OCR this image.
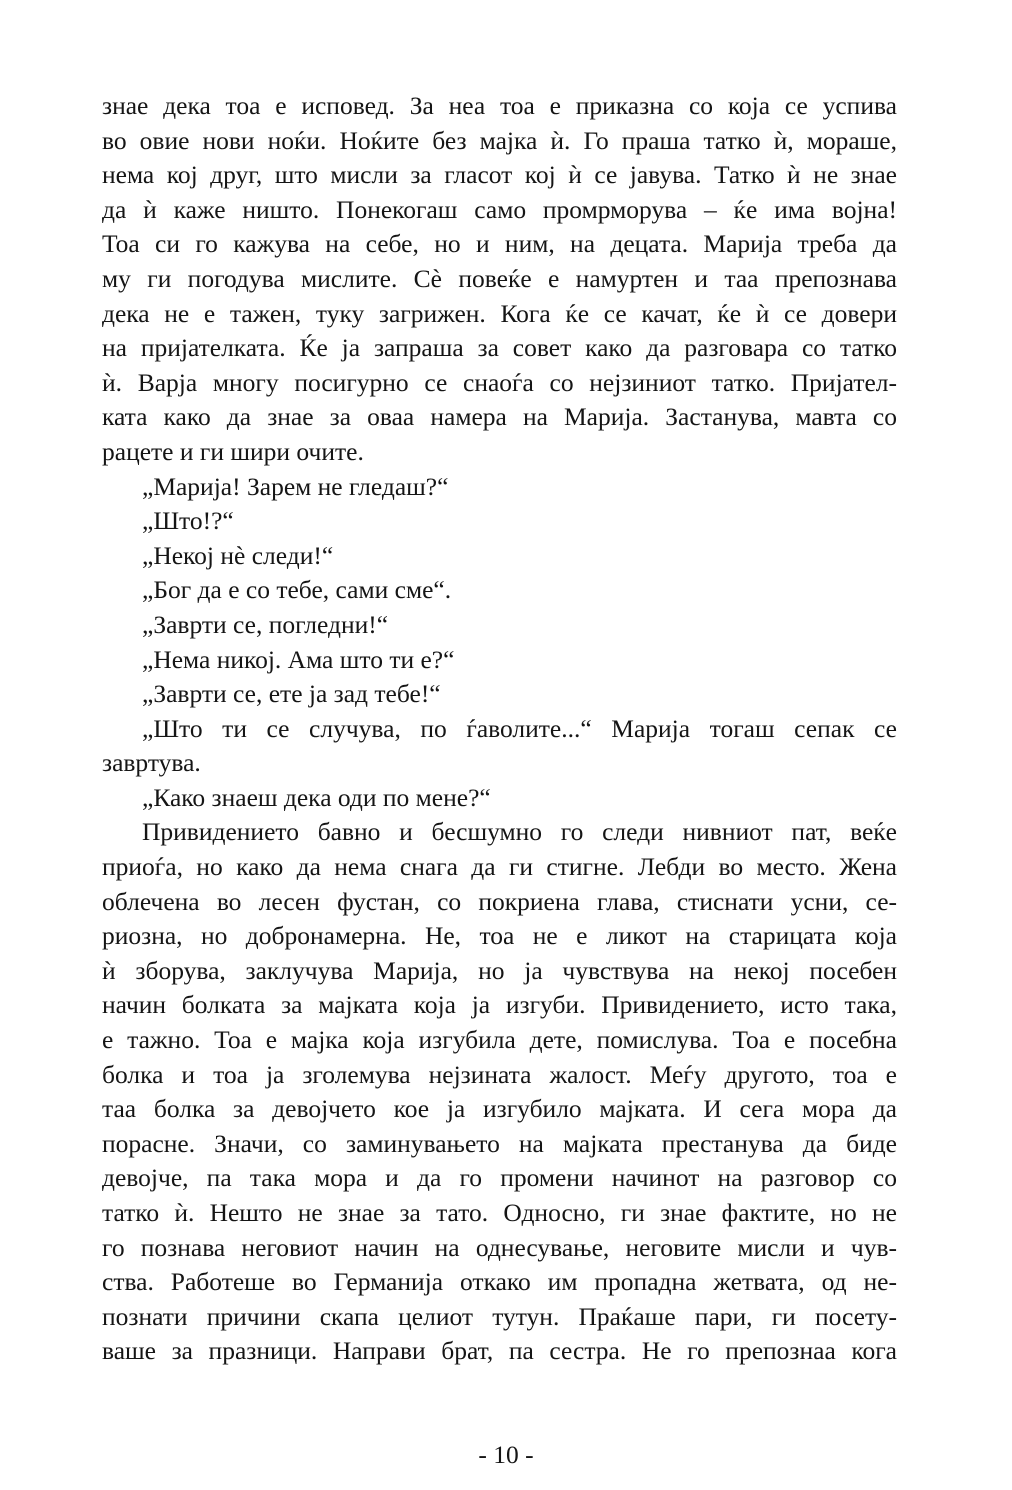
знае дека тоа е исповед. За неа тоа е приказна со која се успива
во овие нови ноќи. Ноќите без мајка ѝ. Го праша татко ѝ, мораше,
нема кој друг, што мисли за гласот кој ѝ се јавува. Татко ѝ не знае
да ѝ каже ништо. Понекогаш само промрморува – ќе има војна!
Тоа си го кажува на себе, но и ним, на децата. Марија треба да
му ги погодува мислите. Сè повеќе е намуртен и таа препознава
дека не е тажен, туку загрижен. Кога ќе се качат, ќе ѝ се довери
на пријателката. Ќе ја запраша за совет како да разговара со татко
ѝ. Варја многу посигурно се снаоѓа со нејзиниот татко. Пријател-
ката како да знае за оваа намера на Марија. Застанува, мавта со
рацете и ги шири очите.
„Марија! Зарем не гледаш?“
„Што!?“
„Некој нè следи!“
„Бог да е со тебе, сами сме“.
„Заврти се, погледни!“
„Нема никој. Ама што ти е?“
„Заврти се, ете ја зад тебе!“
„Што ти се случува, по ѓаволите...“ Марија тогаш сепак се
завртува.
„Како знаеш дека оди по мене?“
Привидението бавно и бесшумно го следи нивниот пат, веќе
приоѓа, но како да нема снага да ги стигне. Лебди во место. Жена
облечена во лесен фустан, со покриена глава, стиснати усни, се-
риозна, но добронамерна. Не, тоа не е ликот на старицата која
ѝ зборува, заклучува Марија, но ја чувствува на некој посебен
начин болката за мајката која ја изгуби. Привидението, исто така,
е тажно. Тоа е мајка која изгубила дете, помислува. Тоа е посебна
болка и тоа ја зголемува нејзината жалост. Меѓу другото, тоа е
таа болка за девојчето кое ја изгубило мајката. И сега мора да
порасне. Значи, со заминувањето на мајката престанува да биде
девојче, па така мора и да го промени начинот на разговор со
татко ѝ. Нешто не знае за тато. Односно, ги знае фактите, но не
го познава неговиот начин на однесување, неговите мисли и чув-
ства. Работеше во Германија откако им пропадна жетвата, од не-
познати причини скапа целиот тутун. Праќаше пари, ги посету-
ваше за празници. Направи брат, па сестра. Не го препознаа кога
- 10 -
